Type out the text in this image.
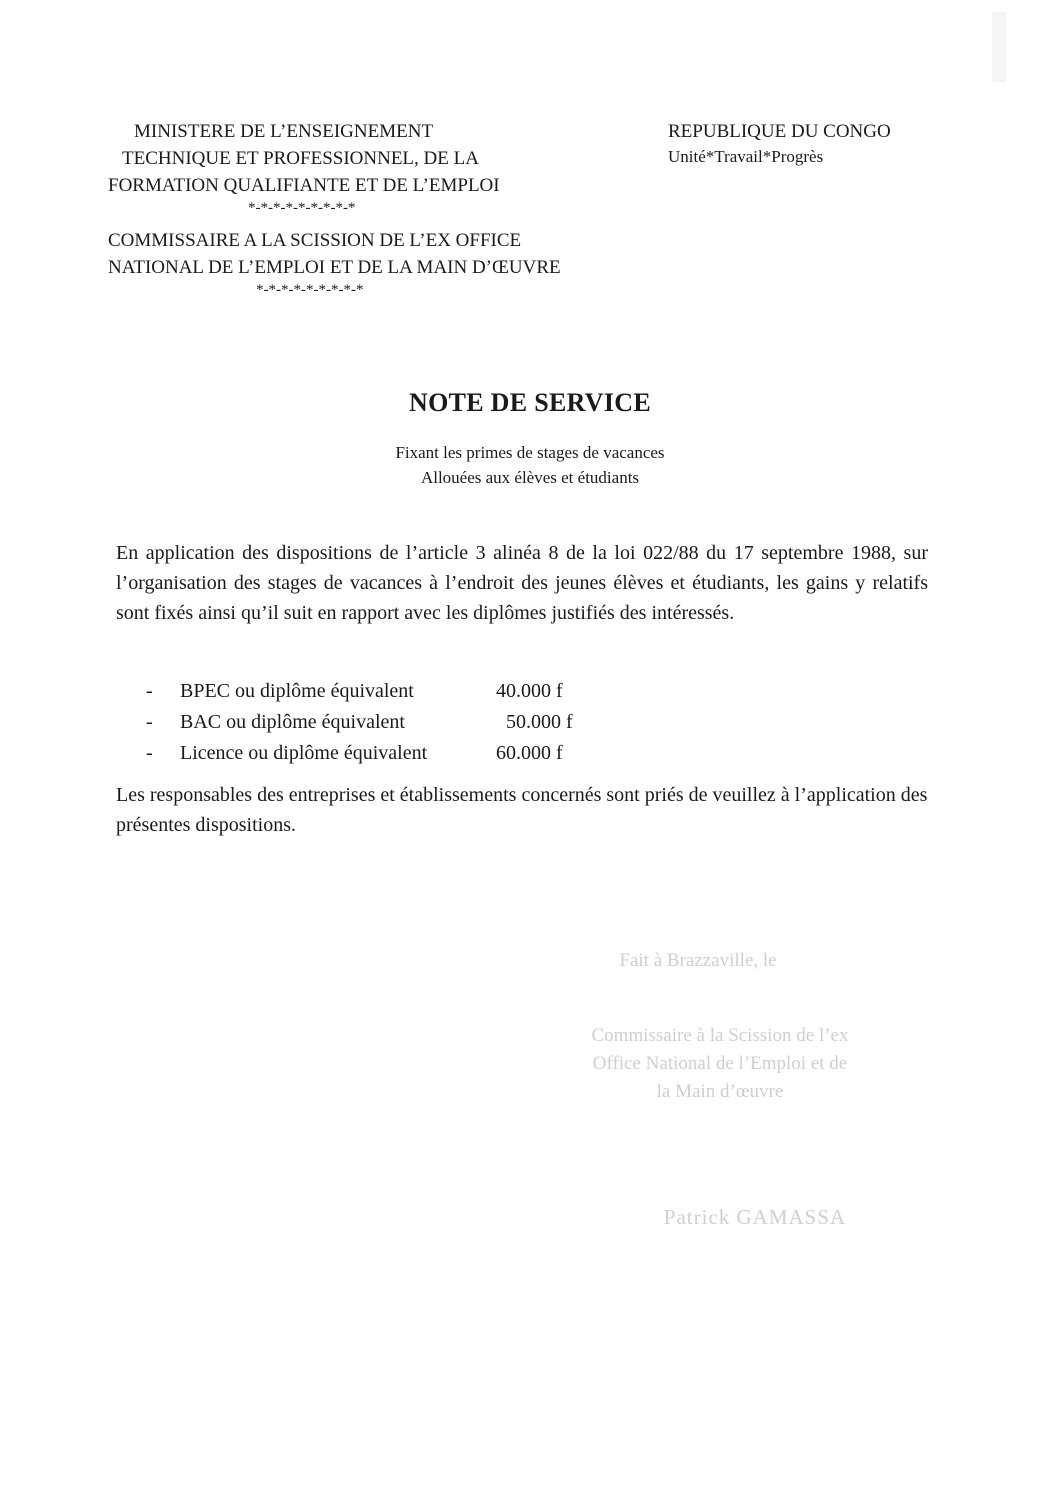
MINISTERE DE L’ENSEIGNEMENT
TECHNIQUE ET PROFESSIONNEL, DE LA
FORMATION QUALIFIANTE ET DE L’EMPLOI
*-*-*-*-*-*-*-*-*
COMMISSAIRE A LA SCISSION DE L’EX OFFICE
NATIONAL DE L’EMPLOI ET DE LA MAIN D’ŒUVRE
*-*-*-*-*-*-*-*-*
REPUBLIQUE DU CONGO
Unité*Travail*Progrès
NOTE DE SERVICE
Fixant les primes de stages de vacances
Allouées aux élèves et étudiants
En application des dispositions de l’article 3 alinéa 8 de la loi 022/88 du 17 septembre 1988, sur l’organisation des stages de vacances à l’endroit des jeunes élèves et étudiants, les gains y relatifs sont fixés ainsi qu’il suit en rapport avec les diplômes justifiés des intéressés.
-	BPEC ou diplôme équivalent	40.000 f
-	BAC ou diplôme équivalent	50.000 f
-	Licence ou diplôme équivalent	60.000 f
Les responsables des entreprises et établissements concernés sont priés de veuillez à l’application des présentes dispositions.
Fait à Brazzaville, le
Commissaire à la Scission de l’ex
Office National de l’Emploi et de
la Main d’œuvre
Patrick GAMASSA
